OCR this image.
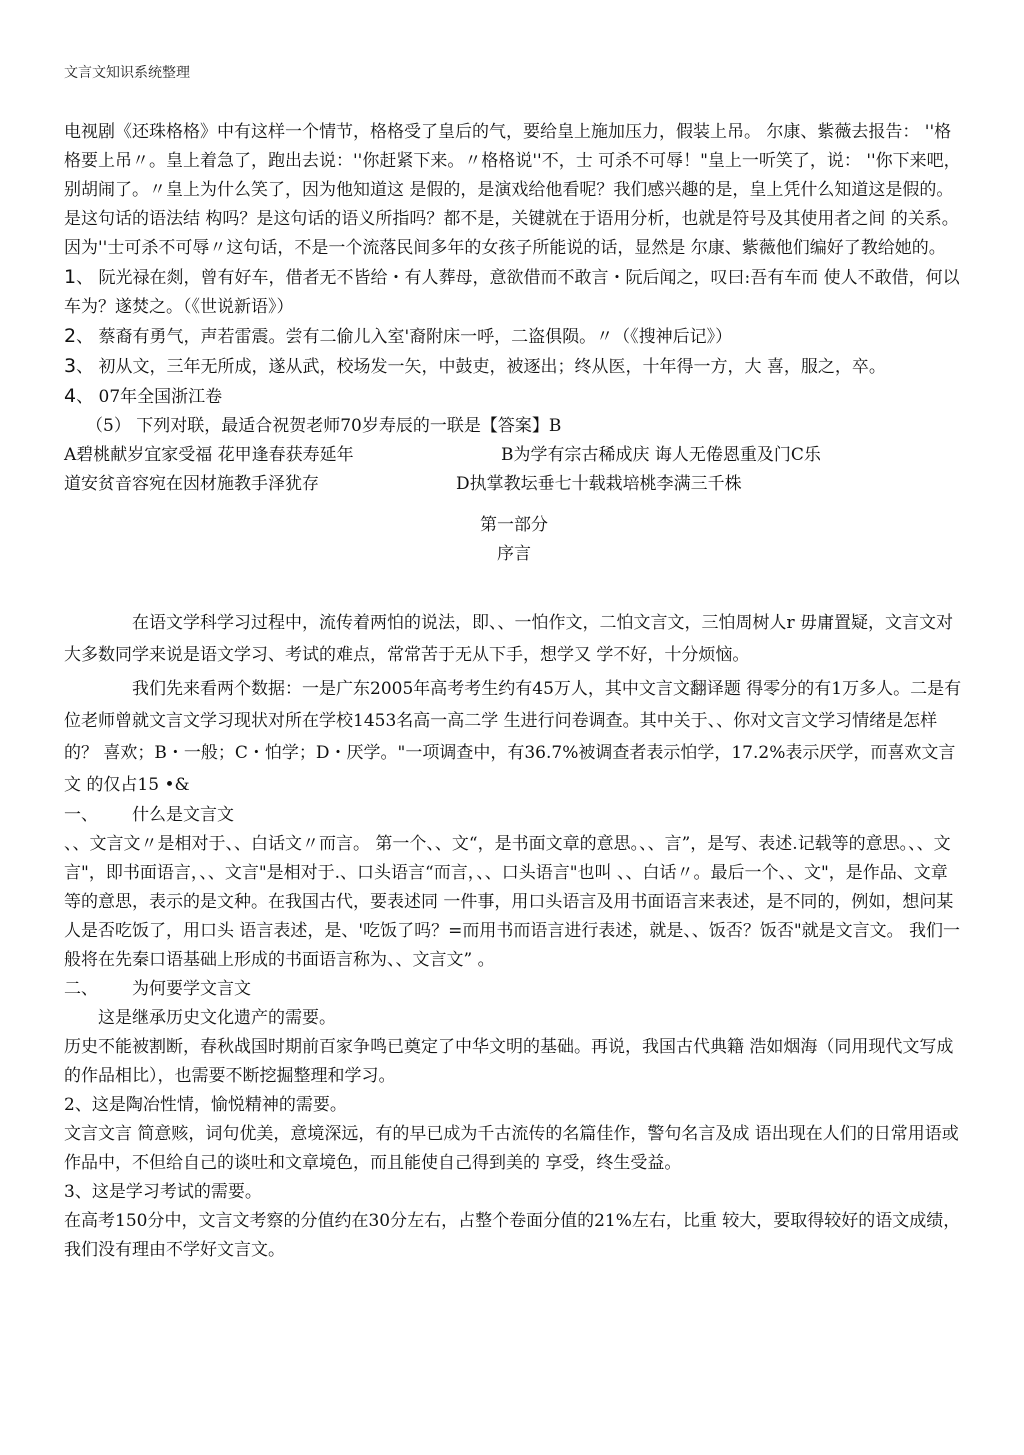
文言文知识系统整理

电视剧《还珠格格》中有这样一个情节，格格受了皇后的气，要给皇上施加压力，假装上吊。 尔康、紫薇去报告： ''格格要上吊〃。皇上着急了，跑出去说：''你赶紧下来。〃格格说''不，士 可杀不可辱！"皇上一听笑了，说： ''你下来吧，别胡闹了。〃皇上为什么笑了，因为他知道这 是假的，是演戏给他看呢？我们感兴趣的是，皇上凭什么知道这是假的。是这句话的语法结 构吗？是这句话的语义所指吗？都不是，关键就在于语用分析，也就是符号及其使用者之间 的关系。因为''士可杀不可辱〃这句话，不是一个流落民间多年的女孩子所能说的话，显然是 尔康、紫薇他们编好了教给她的。

1、 阮光禄在剡，曾有好车，借者无不皆给・有人葬母，意欲借而不敢言・阮后闻之，叹曰:吾有车而 使人不敢借，何以车为？遂焚之。（《世说新语》）

2、 蔡裔有勇气，声若雷震。尝有二偷儿入室'裔附床一呼，二盗俱陨。〃（《搜神后记》）

3、 初从文，三年无所成，遂从武，校场发一矢，中鼓吏，被逐出；终从医，十年得一方，大 喜，服之，卒。

4、 07年全国浙江卷

（5） 下列对联，最适合祝贺老师70岁寿辰的一联是【答案】B

A碧桃献岁宜家受福 花甲逢春获寿延年	B为学有宗古稀成庆 诲人无倦恩重及门C乐
道安贫音容宛在因材施教手泽犹存	D执掌教坛垂七十载栽培桃李满三千株
第一部分
序言

在语文学科学习过程中，流传着两怕的说法，即、、一怕作文，二怕文言文，三怕周树人r 毋庸置疑，文言文对大多数同学来说是语文学习、考试的难点，常常苦于无从下手，想学又 学不好，十分烦恼。

我们先来看两个数据：一是广东2005年高考考生约有45万人，其中文言文翻译题 得零分的有1万多人。二是有位老师曾就文言文学习现状对所在学校1453名高一高二学 生进行问卷调查。其中关于、、你对文言文学习情绪是怎样的？ 喜欢；B・一般；C・怕学；D・厌学。"一项调查中，有36.7%被调查者表示怕学，17.2%表示厌学，而喜欢文言文 的仅占15 •&

一、	什么是文言文

、、文言文〃是相对于、、白话文〃而言。 第一个、、文“，是书面文章的意思。、、言”，是写、表述.记载等的意思。、、文言"，即书面语言，、、文言"是相对于.、口头语言“而言，、、口头语言"也叫 、、白话〃。最后一个、、文"，是作品、文章等的意思，表示的是文种。在我国古代，要表述同 一件事，用口头语言及用书面语言来表述，是不同的，例如，想问某人是否吃饭了，用口头 语言表述，是、'吃饭了吗？=而用书而语言进行表述，就是、、饭否？饭否"就是文言文。 我们一般将在先秦口语基础上形成的书面语言称为、、文言文” 。

二、	为何要学文言文

这是继承历史文化遗产的需要。

历史不能被割断，春秋战国时期前百家争鸣已奠定了中华文明的基础。再说，我国古代典籍 浩如烟海（同用现代文写成的作品相比），也需要不断挖掘整理和学习。

2、这是陶冶性情，愉悦精神的需要。

文言文言 简意赅，词句优美，意境深远，有的早已成为千古流传的名篇佳作，警句名言及成 语出现在人们的日常用语或作品中，不但给自己的谈吐和文章境色，而且能使自己得到美的 享受，终生受益。

3、这是学习考试的需要。

在高考150分中，文言文考察的分值约在30分左右，占整个卷面分值的21%左右，比重 较大，要取得较好的语文成绩，我们没有理由不学好文言文。
